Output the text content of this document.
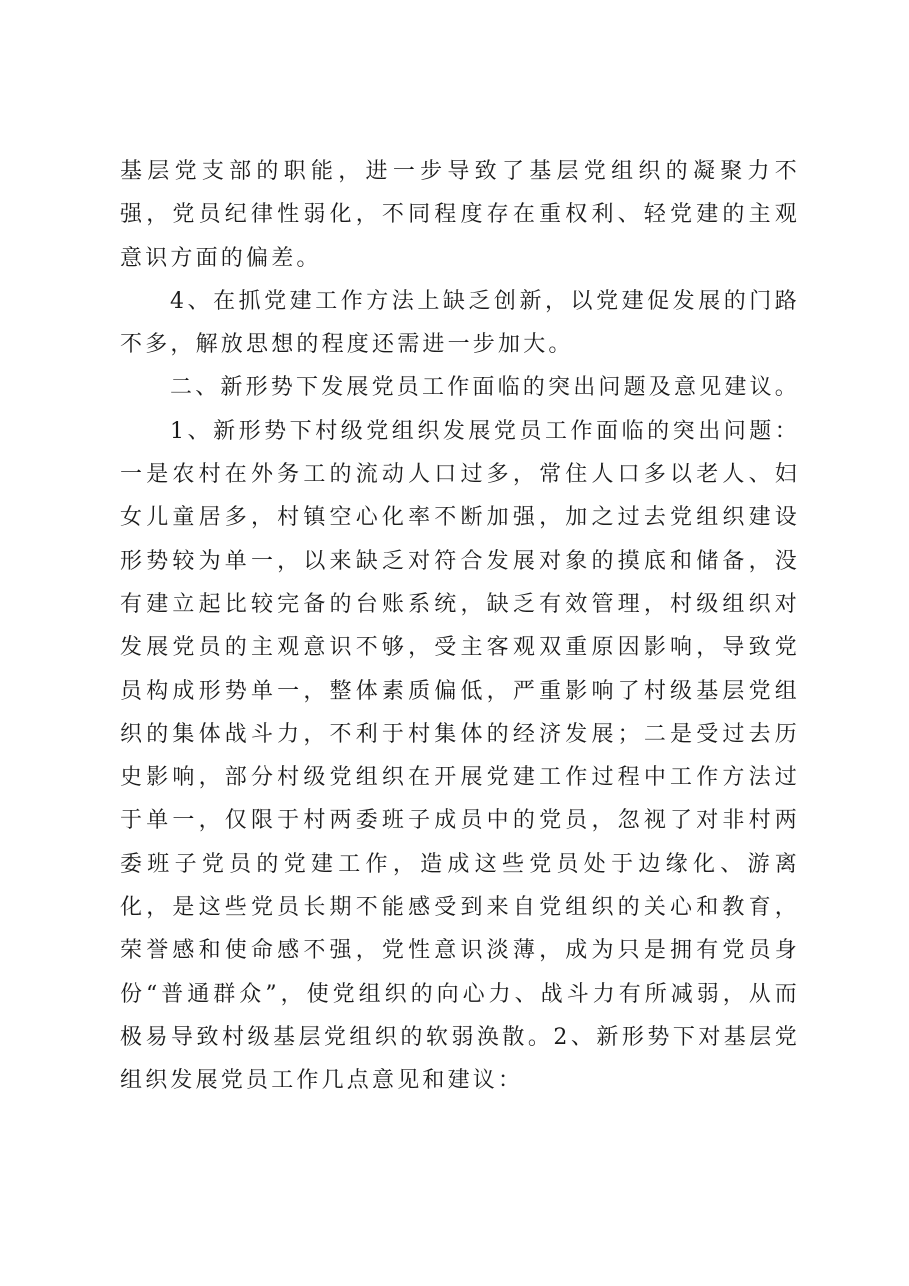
基层党支部的职能，进一步导致了基层党组织的凝聚力不强，党员纪律性弱化，不同程度存在重权利、轻党建的主观意识方面的偏差。

4、在抓党建工作方法上缺乏创新，以党建促发展的门路不多，解放思想的程度还需进一步加大。

二、新形势下发展党员工作面临的突出问题及意见建议。

1、新形势下村级党组织发展党员工作面临的突出问题：一是农村在外务工的流动人口过多，常住人口多以老人、妇女儿童居多，村镇空心化率不断加强，加之过去党组织建设形势较为单一，以来缺乏对符合发展对象的摸底和储备，没有建立起比较完备的台账系统，缺乏有效管理，村级组织对发展党员的主观意识不够，受主客观双重原因影响，导致党员构成形势单一，整体素质偏低，严重影响了村级基层党组织的集体战斗力，不利于村集体的经济发展；二是受过去历史影响，部分村级党组织在开展党建工作过程中工作方法过于单一，仅限于村两委班子成员中的党员，忽视了对非村两委班子党员的党建工作，造成这些党员处于边缘化、游离化，是这些党员长期不能感受到来自党组织的关心和教育，荣誉感和使命感不强，党性意识淡薄，成为只是拥有党员身份“普通群众”，使党组织的向心力、战斗力有所减弱，从而极易导致村级基层党组织的软弱涣散。2、新形势下对基层党组织发展党员工作几点意见和建议：
